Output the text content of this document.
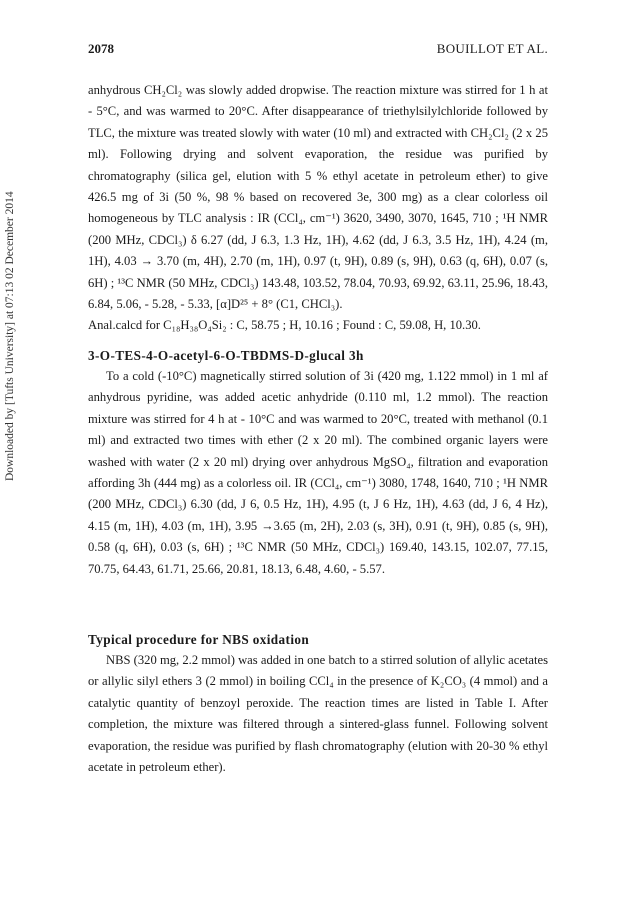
Downloaded by [Tufts University] at 07:13 02 December 2014
2078	BOUILLOT ET AL.

anhydrous CH₂Cl₂ was slowly added dropwise. The reaction mixture was stirred for 1 h at - 5°C, and was warmed to 20°C. After disappearance of triethylsilylchloride followed by TLC, the mixture was treated slowly with water (10 ml) and extracted with CH₂Cl₂ (2 x 25 ml). Following drying and solvent evaporation, the residue was purified by chromatography (silica gel, elution with 5 % ethyl acetate in petroleum ether) to give 426.5 mg of 3i (50 %, 98 % based on recovered 3e, 300 mg) as a clear colorless oil homogeneous by TLC analysis : IR (CCl₄, cm⁻¹) 3620, 3490, 3070, 1645, 710 ; ¹H NMR (200 MHz, CDCl₃) δ 6.27 (dd, J 6.3, 1.3 Hz, 1H), 4.62 (dd, J 6.3, 3.5 Hz, 1H), 4.24 (m, 1H), 4.03 → 3.70 (m, 4H), 2.70 (m, 1H), 0.97 (t, 9H), 0.89 (s, 9H), 0.63 (q, 6H), 0.07 (s, 6H) ; ¹³C NMR (50 MHz, CDCl₃) 143.48, 103.52, 78.04, 70.93, 69.92, 63.11, 25.96, 18.43, 6.84, 5.06, - 5.28, - 5.33, [α]D²⁵ + 8° (C1, CHCl₃).

Anal.calcd for C₁₈H₃₈O₄Si₂ : C, 58.75 ; H, 10.16 ; Found : C, 59.08, H, 10.30.

3-O-TES-4-O-acetyl-6-O-TBDMS-D-glucal 3h

To a cold (-10°C) magnetically stirred solution of 3i (420 mg, 1.122 mmol) in 1 ml af anhydrous pyridine, was added acetic anhydride (0.110 ml, 1.2 mmol). The reaction mixture was stirred for 4 h at - 10°C and was warmed to 20°C, treated with methanol (0.1 ml) and extracted two times with ether (2 x 20 ml). The combined organic layers were washed with water (2 x 20 ml) drying over anhydrous MgSO₄, filtration and evaporation affording 3h (444 mg) as a colorless oil. IR (CCl₄, cm⁻¹) 3080, 1748, 1640, 710 ; ¹H NMR (200 MHz, CDCl₃) 6.30 (dd, J 6, 0.5 Hz, 1H), 4.95 (t, J 6 Hz, 1H), 4.63 (dd, J 6, 4 Hz), 4.15 (m, 1H), 4.03 (m, 1H), 3.95 →3.65 (m, 2H), 2.03 (s, 3H), 0.91 (t, 9H), 0.85 (s, 9H), 0.58 (q, 6H), 0.03 (s, 6H) ; ¹³C NMR (50 MHz, CDCl₃) 169.40, 143.15, 102.07, 77.15, 70.75, 64.43, 61.71, 25.66, 20.81, 18.13, 6.48, 4.60, - 5.57.

Typical procedure for NBS oxidation

NBS (320 mg, 2.2 mmol) was added in one batch to a stirred solution of allylic acetates or allylic silyl ethers 3 (2 mmol) in boiling CCl₄ in the presence of K₂CO₃ (4 mmol) and a catalytic quantity of benzoyl peroxide. The reaction times are listed in Table I. After completion, the mixture was filtered through a sintered-glass funnel. Following solvent evaporation, the residue was purified by flash chromatography (elution with 20-30 % ethyl acetate in petroleum ether).
